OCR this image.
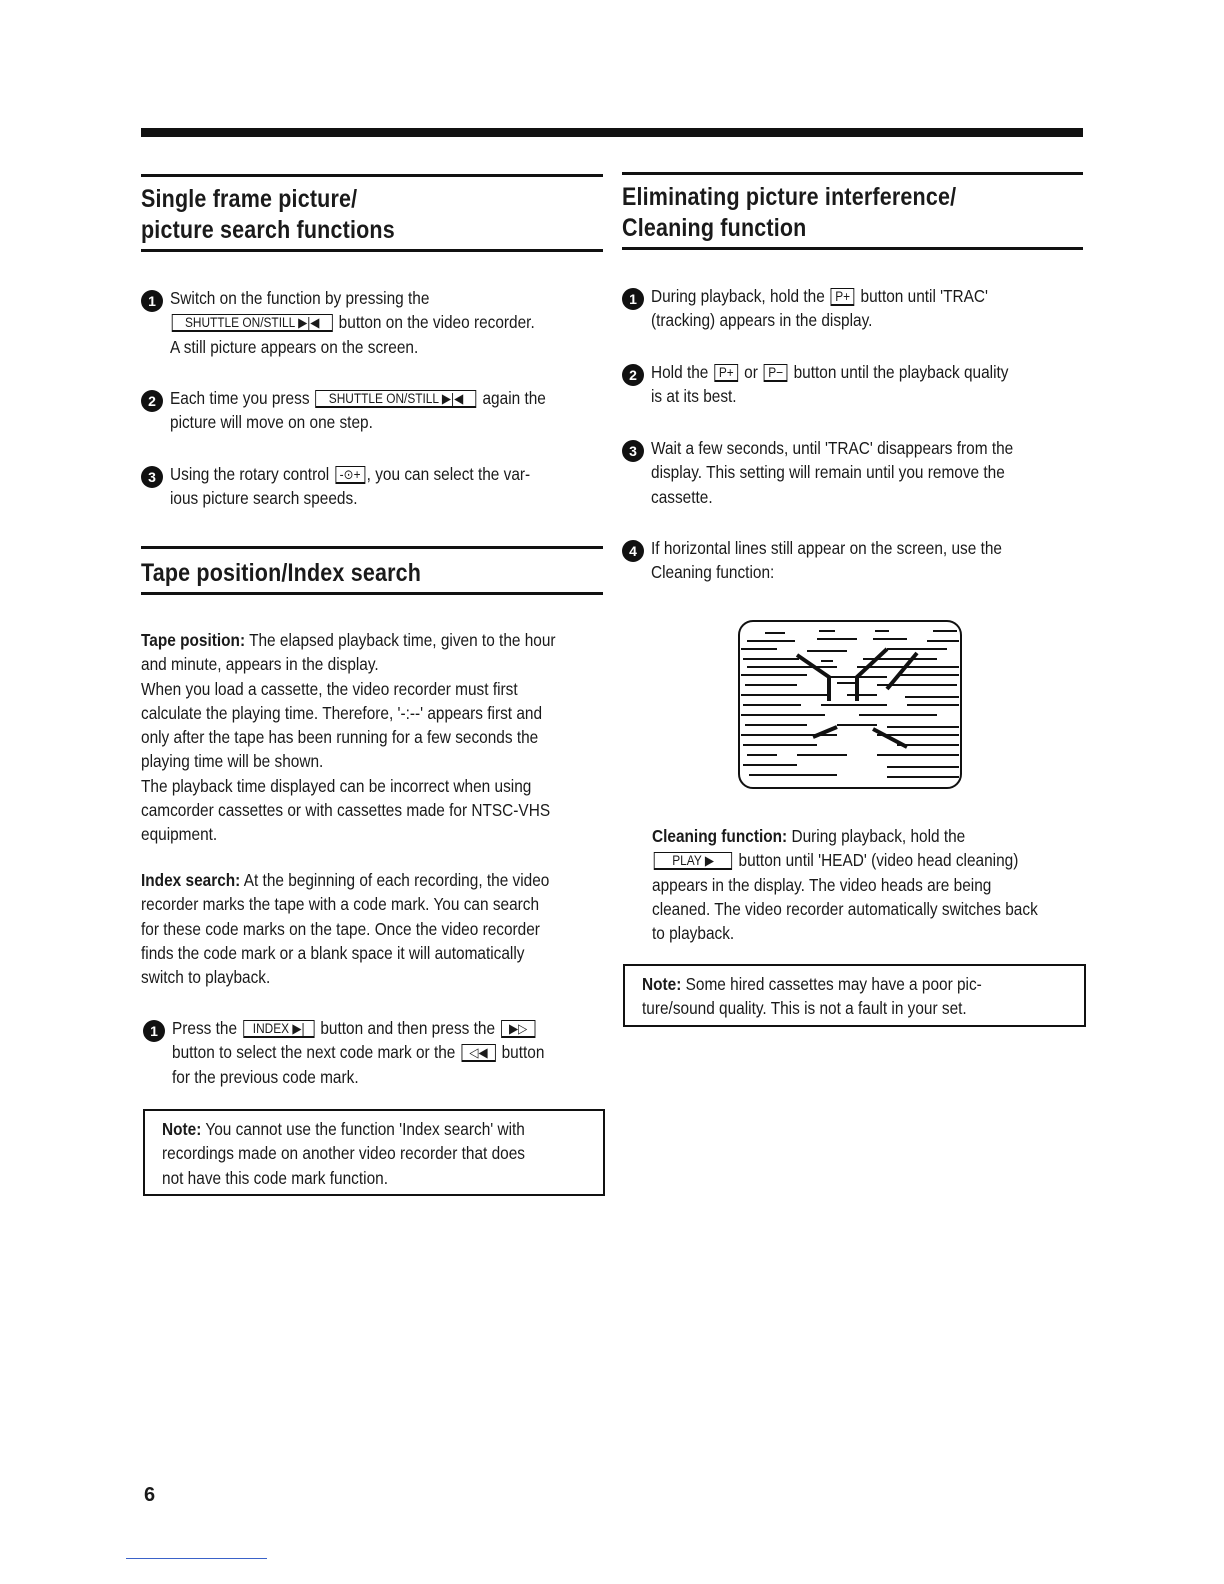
Single frame picture/
picture search functions
1 Switch on the function by pressing the
SHUTTLE ON/STILL ▶|◀ button on the video recorder.
A still picture appears on the screen.
2 Each time you press SHUTTLE ON/STILL ▶|◀ again the
picture will move on one step.
3 Using the rotary control -⊙+ , you can select the var-
ious picture search speeds.
Tape position/Index search
Tape position: The elapsed playback time, given to the hour
and minute, appears in the display.
When you load a cassette, the video recorder must first
calculate the playing time. Therefore, '-:--' appears first and
only after the tape has been running for a few seconds the
playing time will be shown.
The playback time displayed can be incorrect when using
camcorder cassettes or with cassettes made for NTSC-VHS
equipment.
Index search: At the beginning of each recording, the video
recorder marks the tape with a code mark. You can search
for these code marks on the tape. Once the video recorder
finds the code mark or a blank space it will automatically
switch to playback.
1 Press the INDEX ▶| button and then press the ▶▷
button to select the next code mark or the ◁◀ button
for the previous code mark.
Note: You cannot use the function 'Index search' with
recordings made on another video recorder that does
not have this code mark function.
Eliminating picture interference/
Cleaning function
1 During playback, hold the P+ button until 'TRAC'
(tracking) appears in the display.
2 Hold the P+ or P− button until the playback quality
is at its best.
3 Wait a few seconds, until 'TRAC' disappears from the
display. This setting will remain until you remove the
cassette.
4 If horizontal lines still appear on the screen, use the
Cleaning function:
Cleaning function: During playback, hold the
PLAY ▶ button until 'HEAD' (video head cleaning)
appears in the display. The video heads are being
cleaned. The video recorder automatically switches back
to playback.
Note: Some hired cassettes may have a poor pic-
ture/sound quality. This is not a fault in your set.
6
